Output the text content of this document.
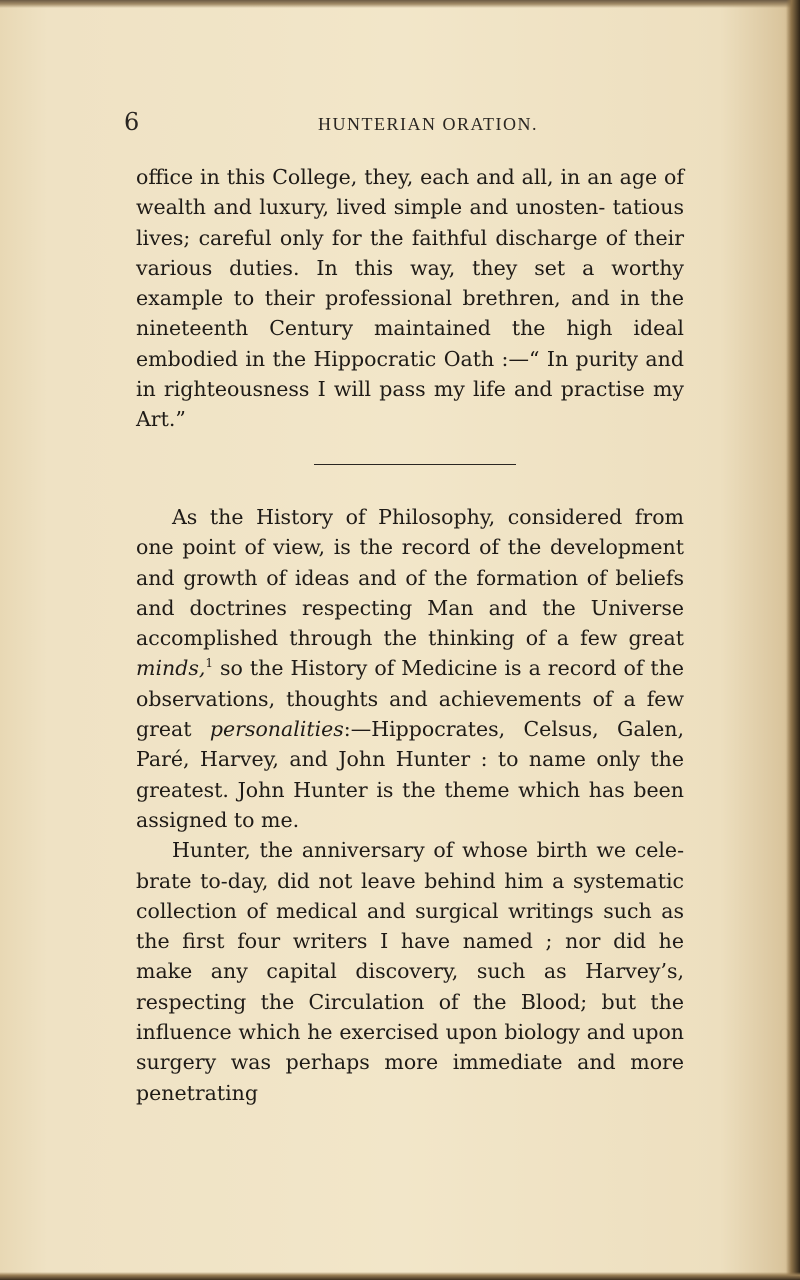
6	HUNTERIAN ORATION.

office in this College, they, each and all, in an age of wealth and luxury, lived simple and unosten- tatious lives; careful only for the faithful discharge of their various duties. In this way, they set a worthy example to their professional brethren, and in the nineteenth Century maintained the high ideal embodied in the Hippocratic Oath :—“ In purity and in righteousness I will pass my life and practise my Art.”

As the History of Philosophy, considered from one point of view, is the record of the development and growth of ideas and of the formation of beliefs and doctrines respecting Man and the Universe accomplished through the thinking of a few great minds,$^1$ so the History of Medicine is a record of the observations, thoughts and achievements of a few great personalities:—Hippocrates, Celsus, Galen, Paré, Harvey, and John Hunter : to name only the greatest. John Hunter is the theme which has been assigned to me.

Hunter, the anniversary of whose birth we cele- brate to-day, did not leave behind him a systematic collection of medical and surgical writings such as the first four writers I have named ; nor did he make any capital discovery, such as Harvey’s, respecting the Circulation of the Blood; but the influence which he exercised upon biology and upon surgery was perhaps more immediate and more penetrating
